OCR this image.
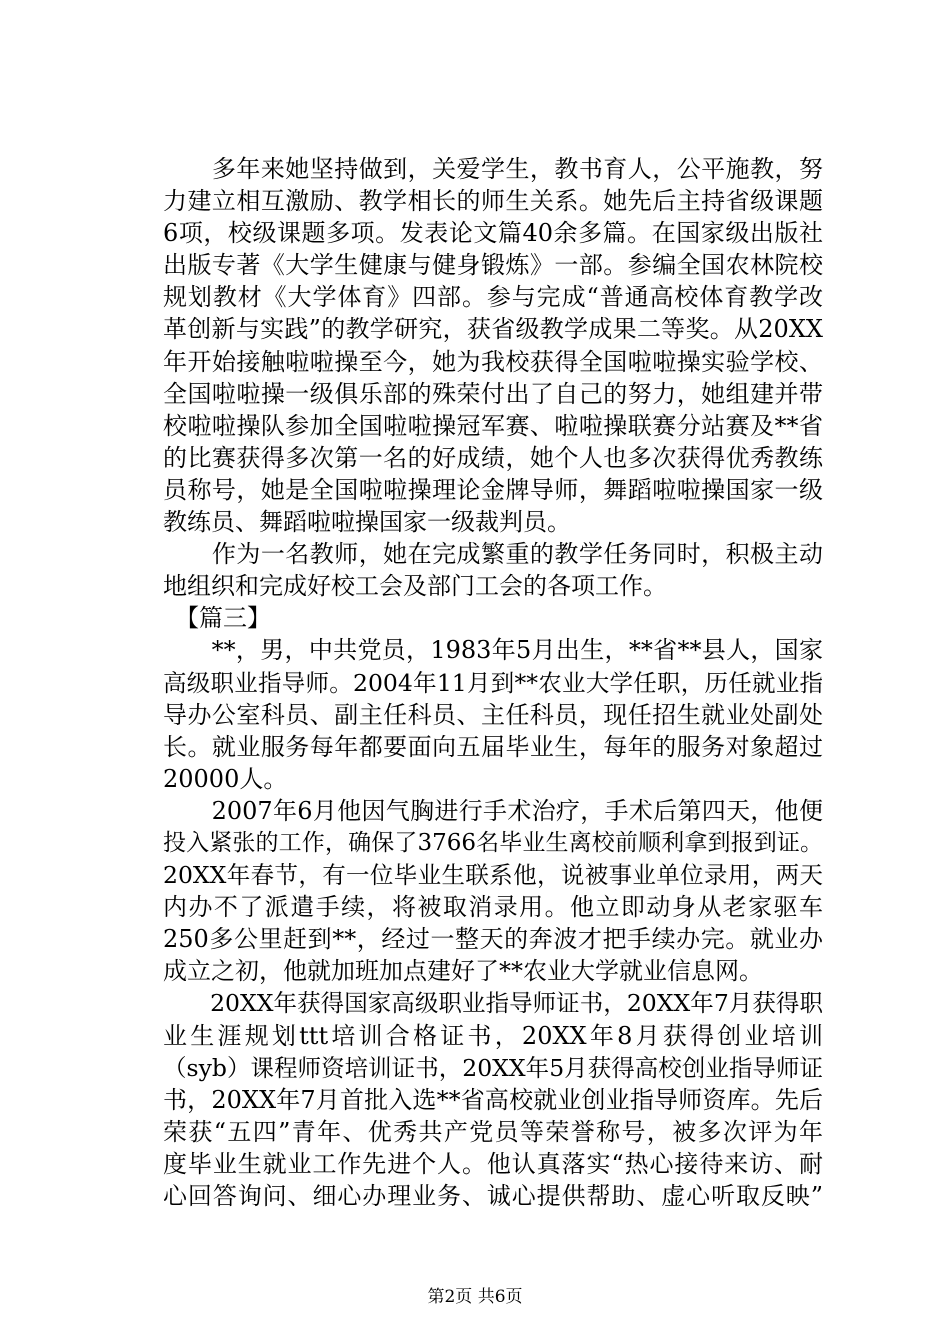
　　多年来她坚持做到，关爱学生，教书育人，公平施教，努
力建立相互激励、教学相长的师生关系。她先后主持省级课题
6项，校级课题多项。发表论文篇40余多篇。在国家级出版社
出版专著《大学生健康与健身锻炼》一部。参编全国农林院校
规划教材《大学体育》四部。参与完成“普通高校体育教学改
革创新与实践”的教学研究，获省级教学成果二等奖。从20XX
年开始接触啦啦操至今，她为我校获得全国啦啦操实验学校、
全国啦啦操一级俱乐部的殊荣付出了自己的努力，她组建并带
校啦啦操队参加全国啦啦操冠军赛、啦啦操联赛分站赛及**省
的比赛获得多次第一名的好成绩，她个人也多次获得优秀教练
员称号，她是全国啦啦操理论金牌导师，舞蹈啦啦操国家一级
教练员、舞蹈啦啦操国家一级裁判员。
　　作为一名教师，她在完成繁重的教学任务同时，积极主动
地组织和完成好校工会及部门工会的各项工作。
　【篇三】
　　**，男，中共党员，1983年5月出生，**省**县人，国家
高级职业指导师。2004年11月到**农业大学任职，历任就业指
导办公室科员、副主任科员、主任科员，现任招生就业处副处
长。就业服务每年都要面向五届毕业生，每年的服务对象超过
20000人。
　　2007年6月他因气胸进行手术治疗，手术后第四天，他便
投入紧张的工作，确保了3766名毕业生离校前顺利拿到报到证。
20XX年春节，有一位毕业生联系他，说被事业单位录用，两天
内办不了派遣手续，将被取消录用。他立即动身从老家驱车
250多公里赶到**，经过一整天的奔波才把手续办完。就业办
成立之初，他就加班加点建好了**农业大学就业信息网。
　　20XX年获得国家高级职业指导师证书，20XX年7月获得职
业生涯规划ttt培训合格证书，20XX年8月获得创业培训
（syb）课程师资培训证书，20XX年5月获得高校创业指导师证
书，20XX年7月首批入选**省高校就业创业指导师资库。先后
荣获“五四”青年、优秀共产党员等荣誉称号，被多次评为年
度毕业生就业工作先进个人。他认真落实“热心接待来访、耐
心回答询问、细心办理业务、诚心提供帮助、虚心听取反映”
第2页 共6页
